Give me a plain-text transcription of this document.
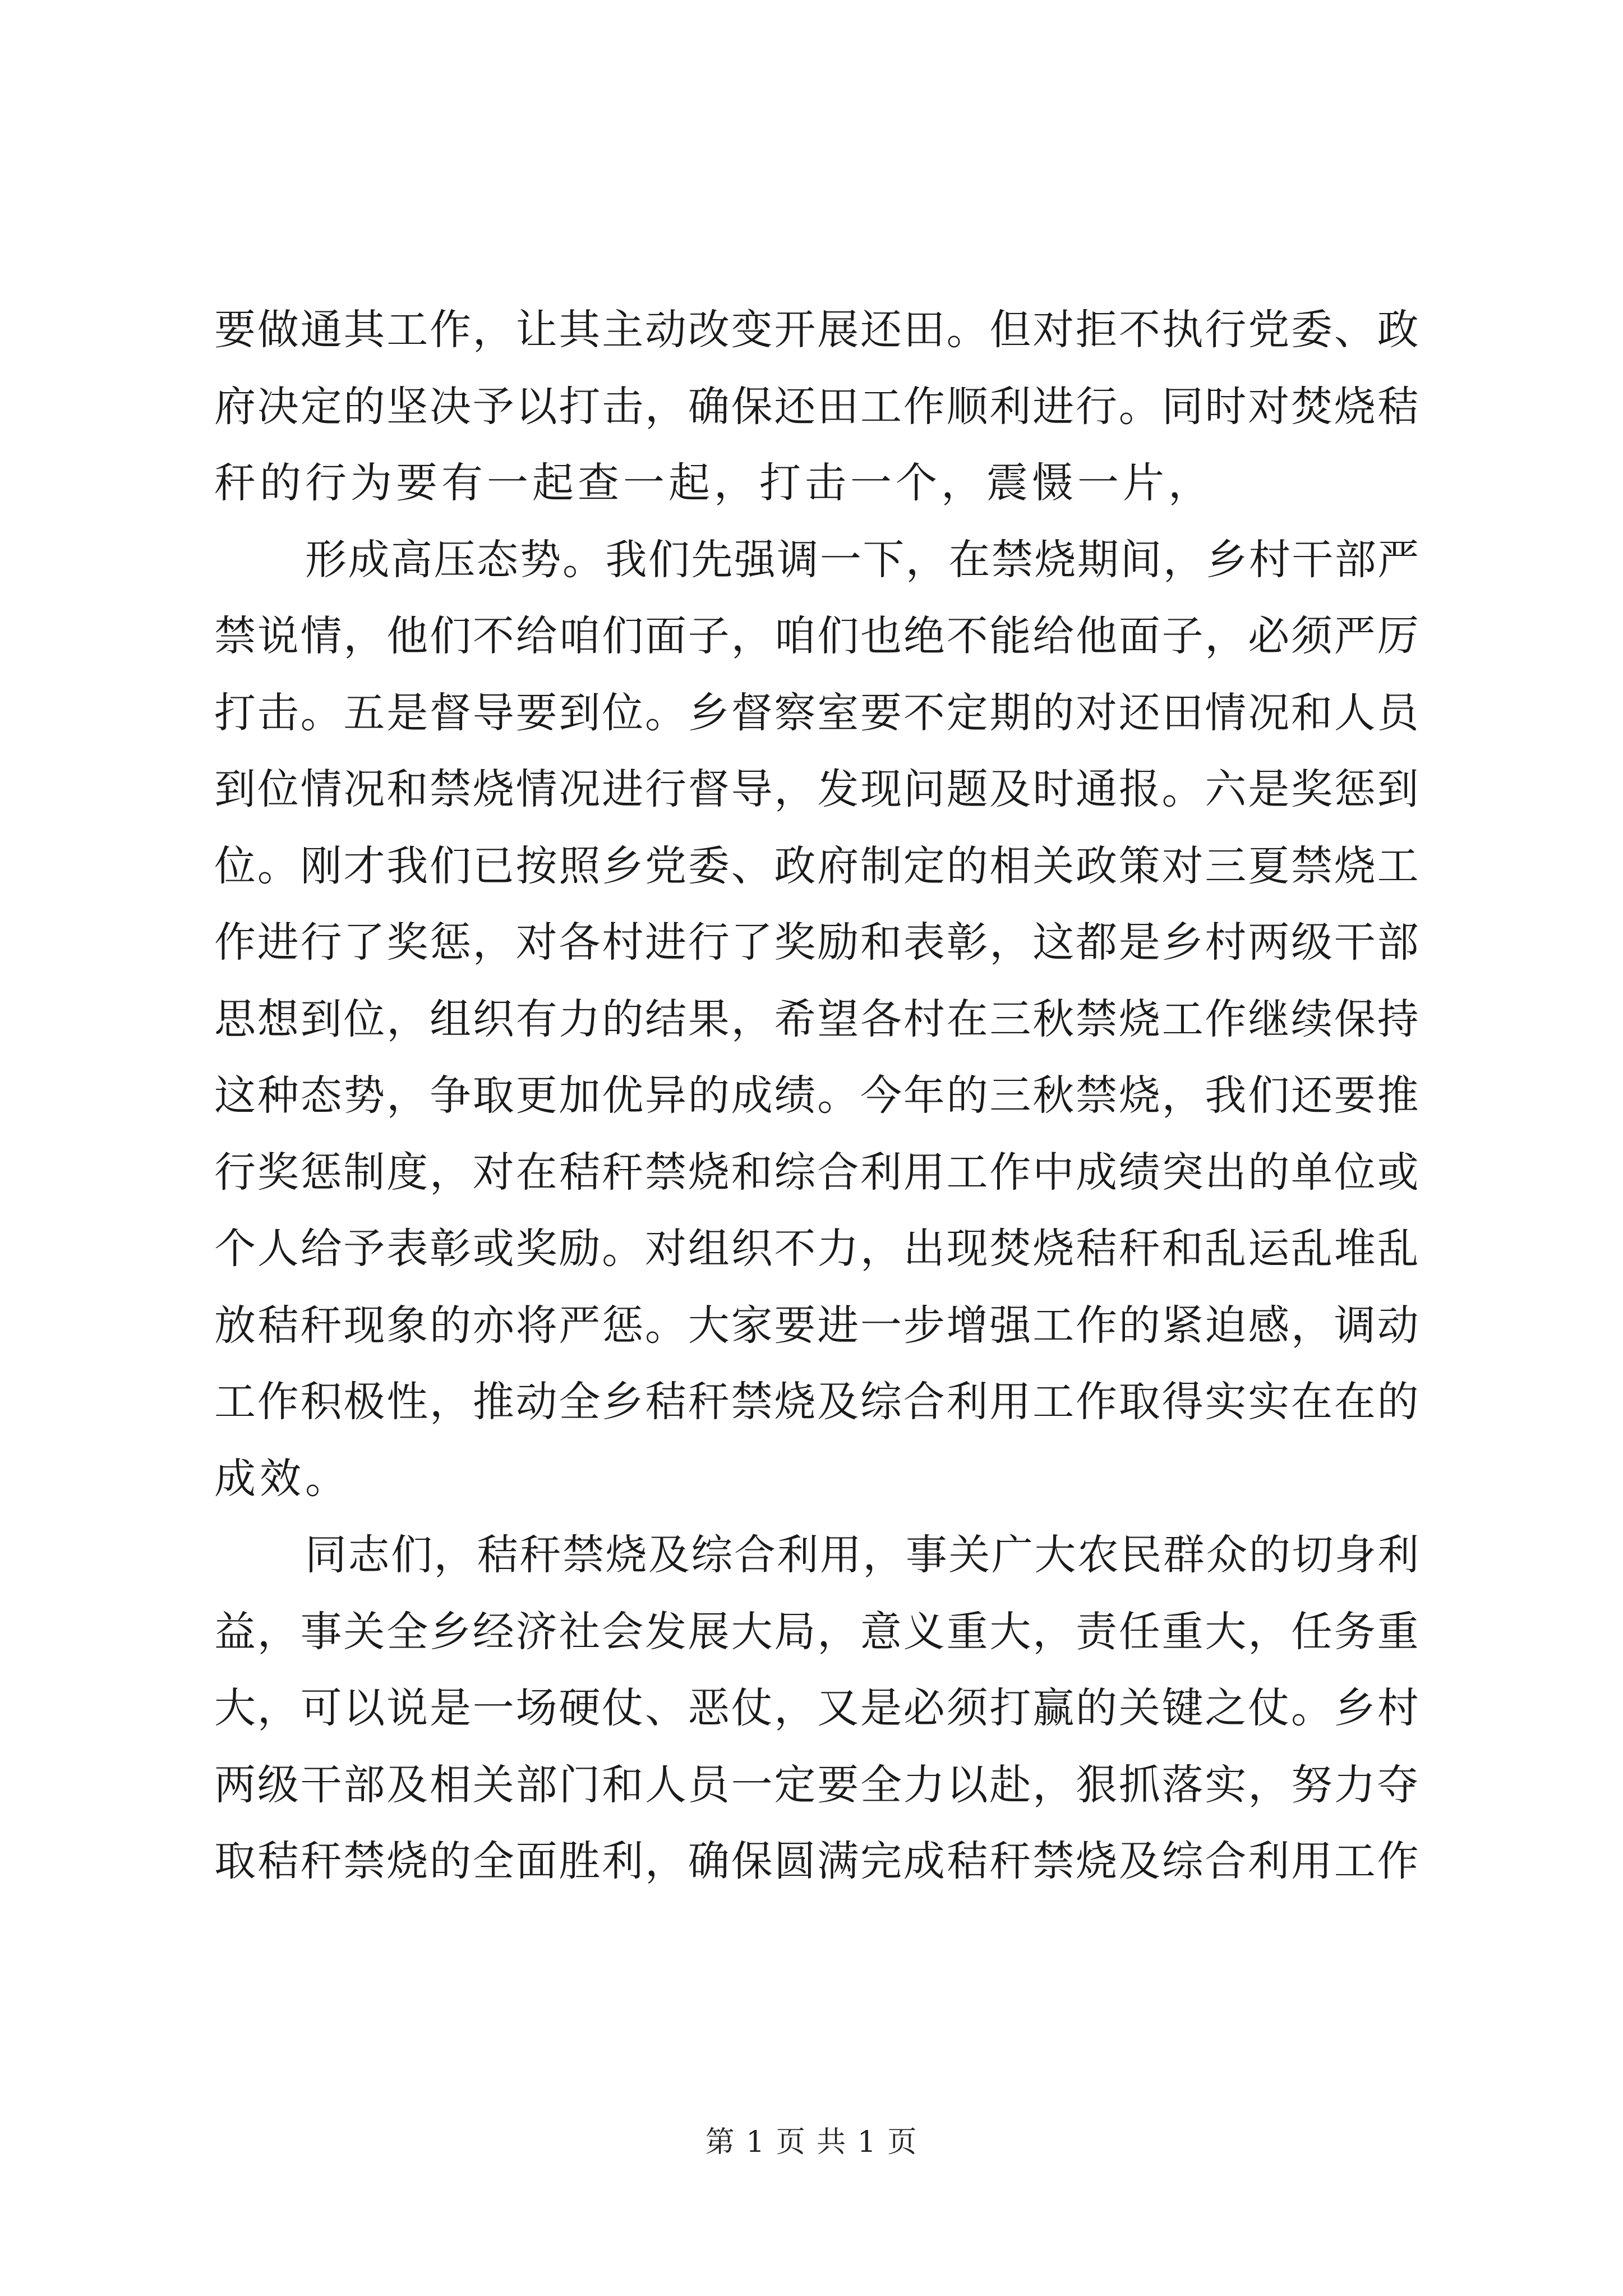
要做通其工作，让其主动改变开展还田。但对拒不执行党委、政
府决定的坚决予以打击，确保还田工作顺利进行。同时对焚烧秸
秆的行为要有一起查一起，打击一个，震慑一片，

形成高压态势。我们先强调一下，在禁烧期间，乡村干部严
禁说情，他们不给咱们面子，咱们也绝不能给他面子，必须严厉
打击。五是督导要到位。乡督察室要不定期的对还田情况和人员
到位情况和禁烧情况进行督导，发现问题及时通报。六是奖惩到
位。刚才我们已按照乡党委、政府制定的相关政策对三夏禁烧工
作进行了奖惩，对各村进行了奖励和表彰，这都是乡村两级干部
思想到位，组织有力的结果，希望各村在三秋禁烧工作继续保持
这种态势，争取更加优异的成绩。今年的三秋禁烧，我们还要推
行奖惩制度，对在秸秆禁烧和综合利用工作中成绩突出的单位或
个人给予表彰或奖励。对组织不力，出现焚烧秸秆和乱运乱堆乱
放秸秆现象的亦将严惩。大家要进一步增强工作的紧迫感，调动
工作积极性，推动全乡秸秆禁烧及综合利用工作取得实实在在的
成效。

同志们，秸秆禁烧及综合利用，事关广大农民群众的切身利
益，事关全乡经济社会发展大局，意义重大，责任重大，任务重
大，可以说是一场硬仗、恶仗，又是必须打赢的关键之仗。乡村
两级干部及相关部门和人员一定要全力以赴，狠抓落实，努力夺
取秸秆禁烧的全面胜利，确保圆满完成秸秆禁烧及综合利用工作

第 1 页 共 1 页
